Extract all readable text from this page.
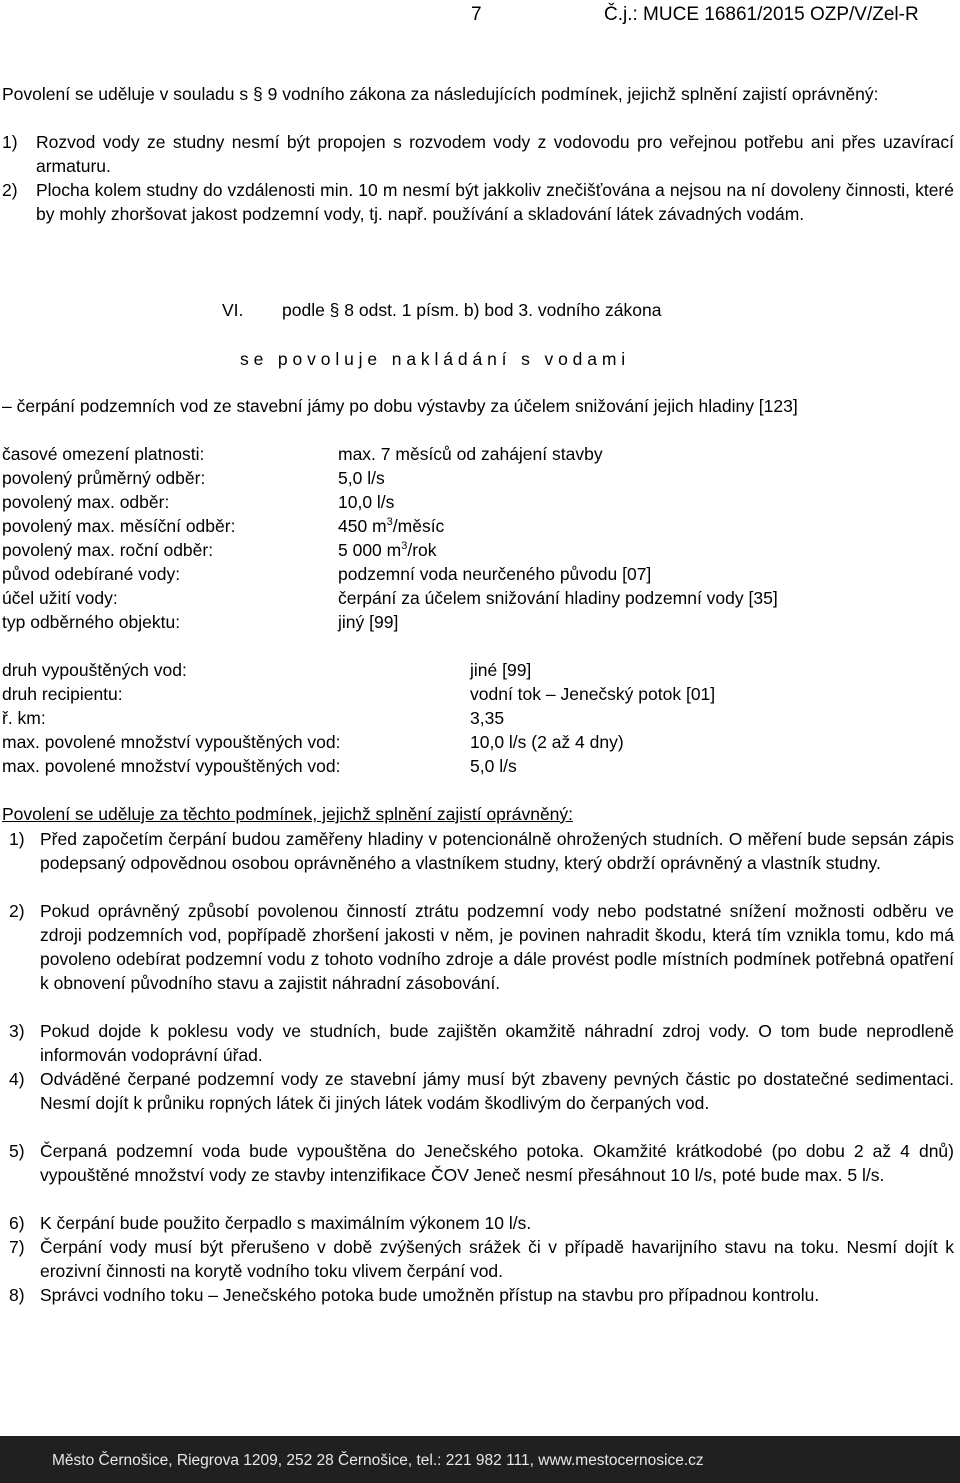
7	Č.j.: MUCE 16861/2015 OZP/V/Zel-R
Povolení se uděluje v souladu s § 9 vodního zákona za následujících podmínek, jejichž splnění zajistí oprávněný:
1)	Rozvod vody ze studny nesmí být propojen s rozvodem vody z vodovodu pro veřejnou potřebu ani přes uzavírací armaturu.
2)	Plocha kolem studny do vzdálenosti min. 10 m nesmí být jakkoliv znečišťována a nejsou na ní dovoleny činnosti, které by mohly zhoršovat jakost podzemní vody, tj. např. používání a skladování látek závadných vodám.
VI. podle § 8 odst. 1 písm. b) bod 3. vodního zákona
s e   p o v o l u j e   n a k l á d á n í   s   v o d a m i
– čerpání podzemních vod ze stavební jámy po dobu výstavby za účelem snižování jejich hladiny [123]
časové omezení platnosti:	max. 7 měsíců od zahájení stavby
povolený průměrný odběr:	5,0 l/s
povolený max. odběr:	10,0 l/s
povolený max. měsíční odběr:	450 $m^3$/měsíc
povolený max. roční odběr:	5 000 $m^3$/rok
původ odebírané vody:	podzemní voda neurčeného původu [07]
účel užití vody:	čerpání za účelem snižování hladiny podzemní vody [35]
typ odběrného objektu:	jiný [99]
druh vypouštěných vod:	jiné [99]
druh recipientu:	vodní tok – Jenečský potok [01]
ř. km:	3,35
max. povolené množství vypouštěných vod:	10,0 l/s (2 až 4 dny)
max. povolené množství vypouštěných vod:	5,0 l/s
Povolení se uděluje za těchto podmínek, jejichž splnění zajistí oprávněný:
1) Před započetím čerpání budou zaměřeny hladiny v potencionálně ohrožených studních. O měření bude sepsán zápis podepsaný odpovědnou osobou oprávněného a vlastníkem studny, který obdrží oprávněný a vlastník studny.
2) Pokud oprávněný způsobí povolenou činností ztrátu podzemní vody nebo podstatné snížení možnosti odběru ve zdroji podzemních vod, popřípadě zhoršení jakosti v něm, je povinen nahradit škodu, která tím vznikla tomu, kdo má povoleno odebírat podzemní vodu z tohoto vodního zdroje a dále provést podle místních podmínek potřebná opatření k obnovení původního stavu a zajistit náhradní zásobování.
3) Pokud dojde k poklesu vody ve studních, bude zajištěn okamžitě náhradní zdroj vody. O tom bude neprodleně informován vodoprávní úřad.
4) Odváděné čerpané podzemní vody ze stavební jámy musí být zbaveny pevných částic po dostatečné sedimentaci. Nesmí dojít k průniku ropných látek či jiných látek vodám škodlivým do čerpaných vod.
5) Čerpaná podzemní voda bude vypouštěna do Jenečského potoka. Okamžité krátkodobé (po dobu 2 až 4 dnů) vypouštěné množství vody ze stavby intenzifikace ČOV Jeneč nesmí přesáhnout 10 l/s, poté bude max. 5 l/s.
6) K čerpání bude použito čerpadlo s maximálním výkonem 10 l/s.
7) Čerpání vody musí být přerušeno v době zvýšených srážek či v případě havarijního stavu na toku. Nesmí dojít k erozivní činnosti na korytě vodního toku vlivem čerpání vod.
8) Správci vodního toku – Jenečského potoka bude umožněn přístup na stavbu pro případnou kontrolu.
Město Černošice, Riegrova 1209, 252 28 Černošice, tel.: 221 982 111, www.mestocernosice.cz
